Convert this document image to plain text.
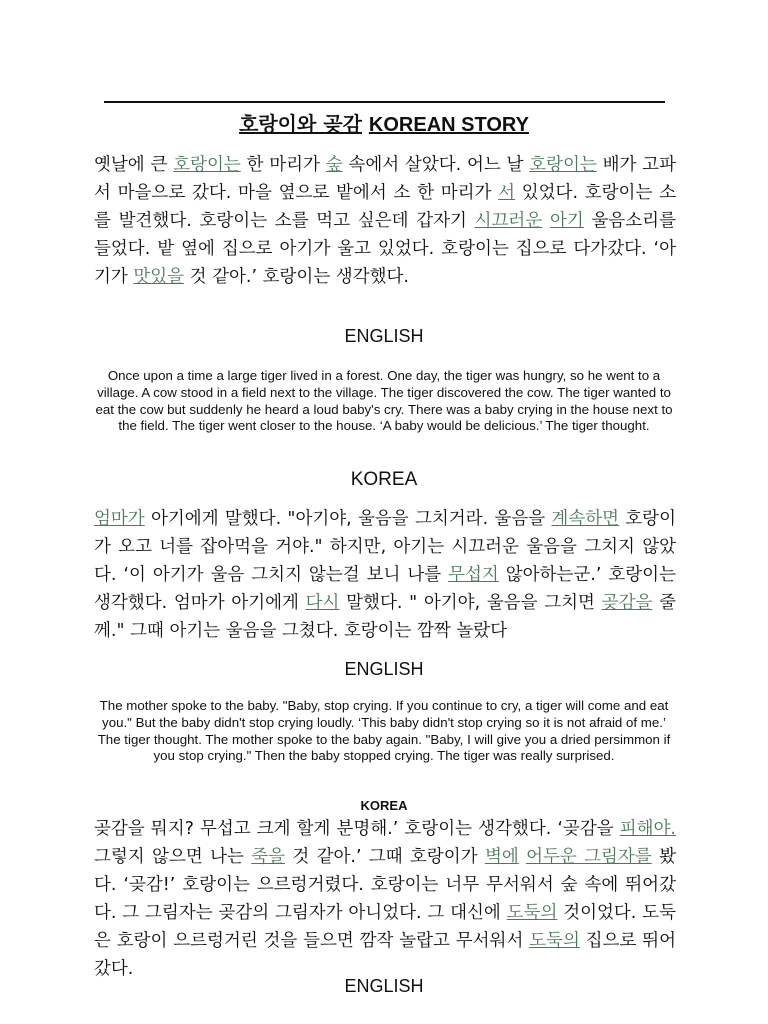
호랑이와 곶감 KOREAN STORY
옛날에 큰 호랑이는 한 마리가 숲 속에서 살았다. 어느 날 호랑이는 배가 고파서 마을으로 갔다. 마을 옆으로 밭에서 소 한 마리가 서 있었다. 호랑이는 소를 발견했다. 호랑이는 소를 먹고 싶은데 갑자기 시끄러운 아기 울음소리를 들었다. 밭 옆에 집으로 아기가 울고 있었다. 호랑이는 집으로 다가갔다. ‘아기가 맛있을 것 같아.’ 호랑이는 생각했다.
ENGLISH
Once upon a time a large tiger lived in a forest. One day, the tiger was hungry, so he went to a village. A cow stood in a field next to the village. The tiger discovered the cow. The tiger wanted to eat the cow but suddenly he heard a loud baby's cry. There was a baby crying in the house next to the field. The tiger went closer to the house. ‘A baby would be delicious.’ The tiger thought.
KOREA
엄마가 아기에게 말했다. "아기야, 울음을 그치거라. 울음을 계속하면 호랑이가 오고 너를 잡아먹을 거야." 하지만, 아기는 시끄러운 울음을 그치지 않았다. ‘이 아기가 울음 그치지 않는걸 보니 나를 무섭지 않아하는군.’ 호랑이는 생각했다. 엄마가 아기에게 다시 말했다. " 아기야, 울음을 그치면 곶감을 줄께." 그때 아기는 울음을 그쳤다. 호랑이는 깜짝 놀랐다
ENGLISH
The mother spoke to the baby. "Baby, stop crying. If you continue to cry, a tiger will come and eat you." But the baby didn't stop crying loudly. ‘This baby didn't stop crying so it is not afraid of me.’ The tiger thought. The mother spoke to the baby again. "Baby, I will give you a dried persimmon if you stop crying." Then the baby stopped crying. The tiger was really surprised.
KOREA
곶감을 뭐지? 무섭고 크게 할게 분명해.’ 호랑이는 생각했다. ‘곶감을 피해야. 그렇지 않으면 나는 죽을 것 같아.’ 그때 호랑이가 벽에 어두운 그림자를 봤다. ‘곶감!’ 호랑이는 으르렁거렸다. 호랑이는 너무 무서워서 숲 속에 뛰어갔다. 그 그림자는 곶감의 그림자가 아니었다. 그 대신에 도둑의 것이었다. 도둑은 호랑이 으르렁거린 것을 들으면 깜작 놀랍고 무서워서 도둑의 집으로 뛰어갔다.
ENGLISH
